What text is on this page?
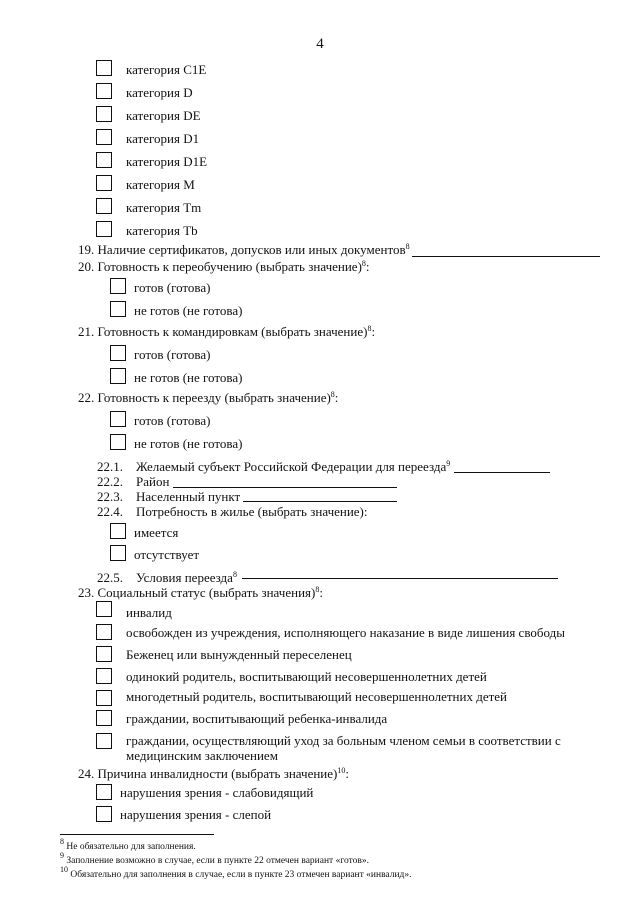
4
категория C1E
категория D
категория DE
категория D1
категория D1E
категория M
категория Tm
категория Tb
19. Наличие сертификатов, допусков или иных документов$^8$
20. Готовность к переобучению (выбрать значение)$^8$:
готов (готова)
не готов (не готова)
21. Готовность к командировкам (выбрать значение)$^8$:
готов (готова)
не готов (не готова)
22. Готовность к переезду (выбрать значение)$^8$:
готов (готова)
не готов (не готова)
22.1. Желаемый субъект Российской Федерации для переезда$^9$
22.2. Район
22.3. Населенный пункт
22.4. Потребность в жилье (выбрать значение):
имеется
отсутствует
22.5. Условия переезда$^8$
23. Социальный статус (выбрать значения)$^8$:
инвалид
освобожден из учреждения, исполняющего наказание в виде лишения свободы
Беженец или вынужденный переселенец
одинокий родитель, воспитывающий несовершеннолетних детей
многодетный родитель, воспитывающий несовершеннолетних детей
граждании, воспитывающий ребенка-инвалида
граждании, осуществляющий уход за больным членом семьи в соответствии с медицинским заключением
24. Причина инвалидности (выбрать значение)$^{10}$:
нарушения зрения - слабовидящий
нарушения зрения - слепой
$^8$ Не обязательно для заполнения.
$^9$ Заполнение возможно в случае, если в пункте 22 отмечен вариант «готов».
$^{10}$ Обязательно для заполнения в случае, если в пункте 23 отмечен вариант «инвалид».
